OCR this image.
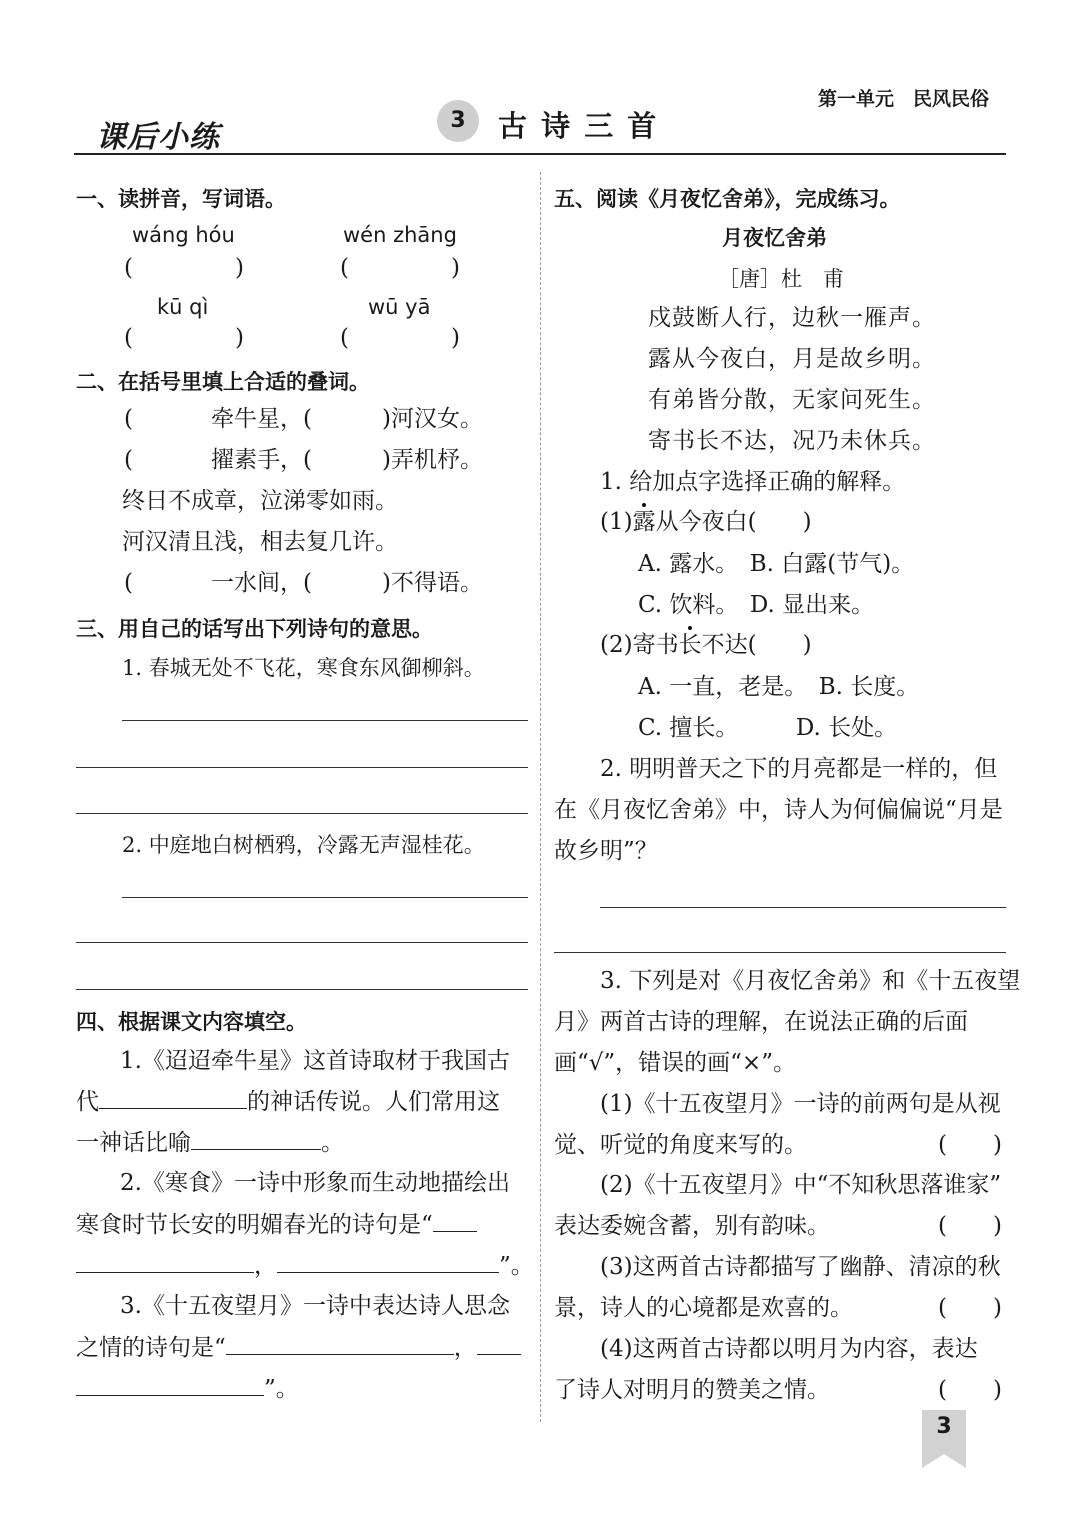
课后小练	3	古 诗 三 首
第一单元　民风民俗
一、读拼音，写词语。
wáng hóu	wén zhāng
(	)	(	)
kū qì	wū yā
(	)	(	)
二、在括号里填上合适的叠词。
(	牵牛星，(	)河汉女。
(	擢素手，(	)弄机杼。
终日不成章，泣涕零如雨。
河汉清且浅，相去复几许。
(	一水间，(	)不得语。
三、用自己的话写出下列诗句的意思。
1. 春城无处不飞花，寒食东风御柳斜。
2. 中庭地白树栖鸦，冷露无声湿桂花。
四、根据课文内容填空。
1.《迢迢牵牛星》这首诗取材于我国古
代	的神话传说。人们常用这
一神话比喻	。
2.《寒食》一诗中形象而生动地描绘出
寒食时节长安的明媚春光的诗句是“
，	”。
3.《十五夜望月》一诗中表达诗人思念
之情的诗句是“	，
”。
五、阅读《月夜忆舍弟》，完成练习。
月夜忆舍弟
［唐］杜　甫
戍鼓断人行，边秋一雁声。
露从今夜白，月是故乡明。
有弟皆分散，无家问死生。
寄书长不达，况乃未休兵。
1. 给加点字选择正确的解释。
(1)露从今夜白(　　)
A. 露水。　B. 白露(节气)。
C. 饮料。　D. 显出来。
(2)寄书长不达(　　)
A. 一直，老是。　B. 长度。
C. 擅长。　　　D. 长处。
2. 明明普天之下的月亮都是一样的，但
在《月夜忆舍弟》中，诗人为何偏偏说“月是
故乡明”？
3. 下列是对《月夜忆舍弟》和《十五夜望
月》两首古诗的理解，在说法正确的后面
画“√”，错误的画“×”。
(1)《十五夜望月》一诗的前两句是从视
觉、听觉的角度来写的。	(　　)
(2)《十五夜望月》中“不知秋思落谁家”
表达委婉含蓄，别有韵味。	(　　)
(3)这两首古诗都描写了幽静、清凉的秋
景，诗人的心境都是欢喜的。	(　　)
(4)这两首古诗都以明月为内容，表达
了诗人对明月的赞美之情。	(　　)
3
